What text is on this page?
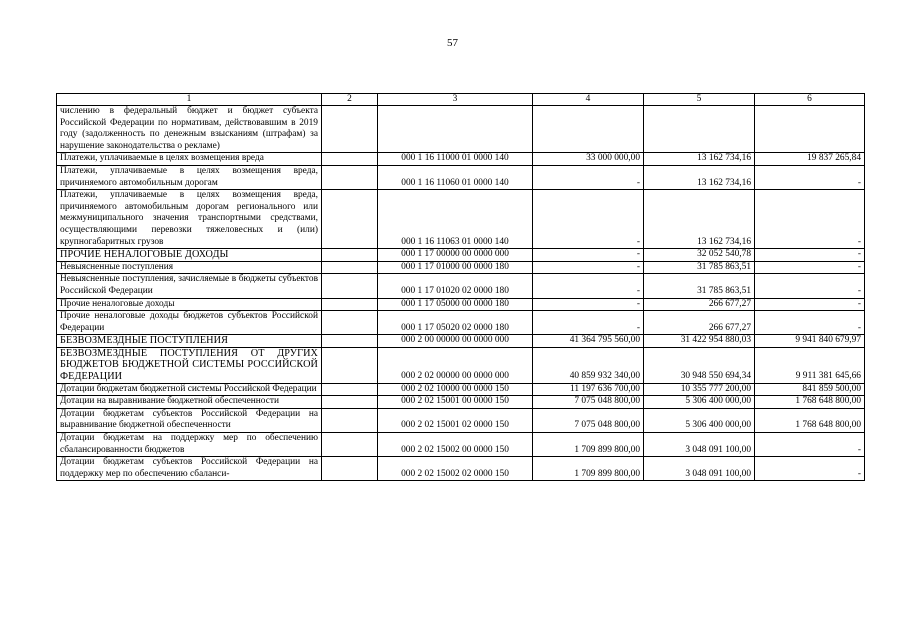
57
1	2	3	4	5	6
числению в федеральный бюджет и бюджет субъекта Российской Федерации по нормативам, действовавшим в 2019 году (задолженность по денежным взысканиям (штрафам) за нарушение законодательства о рекламе)					
Платежи, уплачиваемые в целях возмещения вреда		000 1 16 11000 01 0000 140	33 000 000,00	13 162 734,16	19 837 265,84
Платежи, уплачиваемые в целях возмещения вреда, причиняемого автомобильным дорогам		000 1 16 11060 01 0000 140	-	13 162 734,16	-
Платежи, уплачиваемые в целях возмещения вреда, причиняемого автомобильным дорогам регионального или межмуниципального значения транспортными средствами, осуществляющими перевозки тяжеловесных и (или) крупногабаритных грузов		000 1 16 11063 01 0000 140	-	13 162 734,16	-
ПРОЧИЕ НЕНАЛОГОВЫЕ ДОХОДЫ		000 1 17 00000 00 0000 000	-	32 052 540,78	-
Невыясненные поступления		000 1 17 01000 00 0000 180	-	31 785 863,51	-
Невыясненные поступления, зачисляемые в бюджеты субъектов Российской Федерации		000 1 17 01020 02 0000 180	-	31 785 863,51	-
Прочие неналоговые доходы		000 1 17 05000 00 0000 180	-	266 677,27	-
Прочие неналоговые доходы бюджетов субъектов Российской Федерации		000 1 17 05020 02 0000 180	-	266 677,27	-
БЕЗВОЗМЕЗДНЫЕ ПОСТУПЛЕНИЯ		000 2 00 00000 00 0000 000	41 364 795 560,00	31 422 954 880,03	9 941 840 679,97
БЕЗВОЗМЕЗДНЫЕ ПОСТУПЛЕНИЯ ОТ ДРУГИХ БЮДЖЕТОВ БЮДЖЕТНОЙ СИСТЕМЫ РОССИЙСКОЙ ФЕДЕРАЦИИ		000 2 02 00000 00 0000 000	40 859 932 340,00	30 948 550 694,34	9 911 381 645,66
Дотации бюджетам бюджетной системы Российской Федерации		000 2 02 10000 00 0000 150	11 197 636 700,00	10 355 777 200,00	841 859 500,00
Дотации на выравнивание бюджетной обеспеченности		000 2 02 15001 00 0000 150	7 075 048 800,00	5 306 400 000,00	1 768 648 800,00
Дотации бюджетам субъектов Российской Федерации на выравнивание бюджетной обеспеченности		000 2 02 15001 02 0000 150	7 075 048 800,00	5 306 400 000,00	1 768 648 800,00
Дотации бюджетам на поддержку мер по обеспечению сбалансированности бюджетов		000 2 02 15002 00 0000 150	1 709 899 800,00	3 048 091 100,00	-
Дотации бюджетам субъектов Российской Федерации на поддержку мер по обеспечению сбаланси-		000 2 02 15002 02 0000 150	1 709 899 800,00	3 048 091 100,00	-
